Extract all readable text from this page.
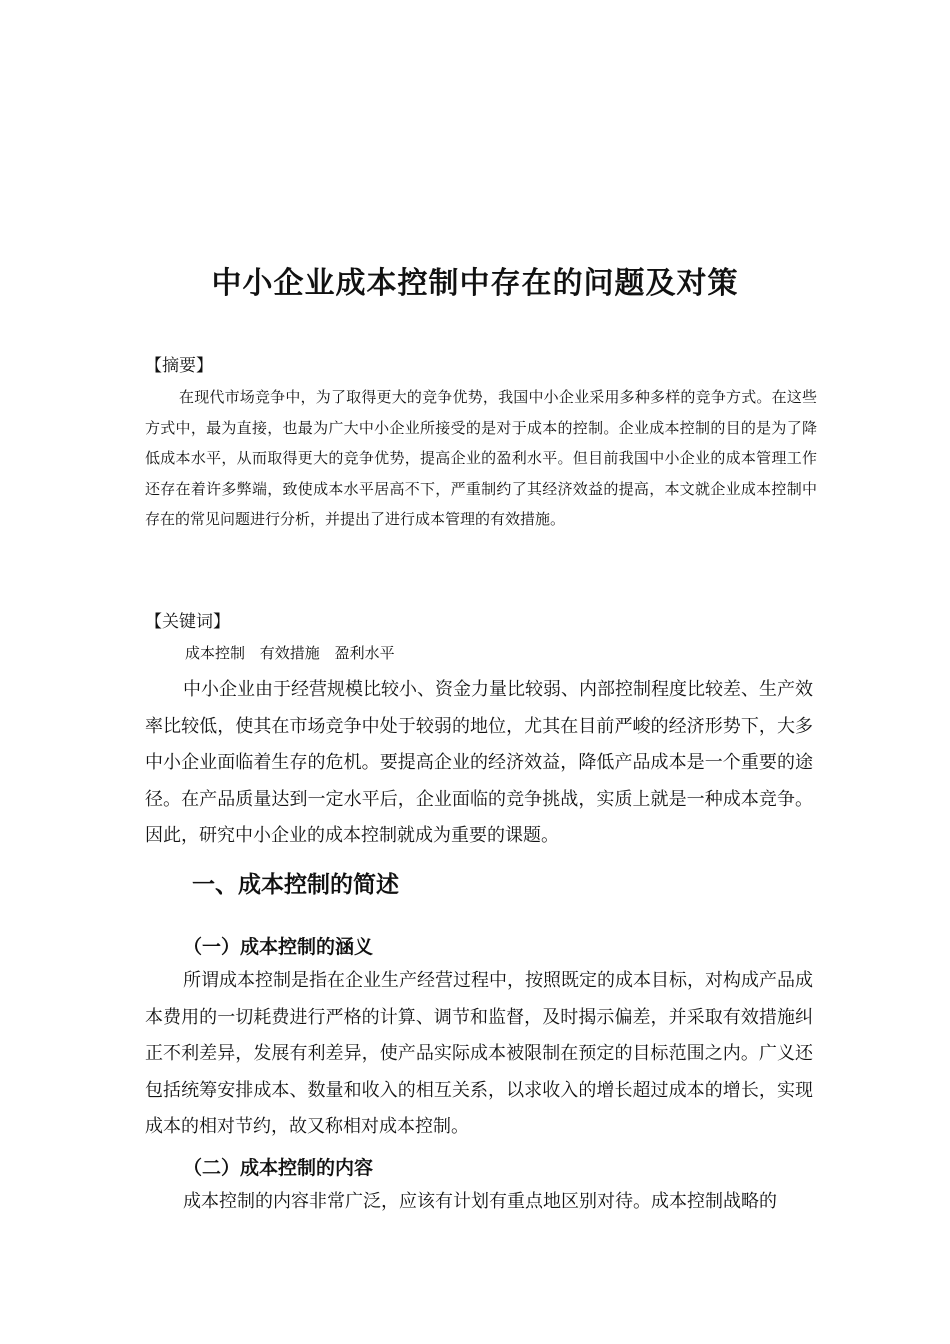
中小企业成本控制中存在的问题及对策

【摘要】

在现代市场竞争中，为了取得更大的竞争优势，我国中小企业采用多种多样的竞争方式。在这些方式中，最为直接，也最为广大中小企业所接受的是对于成本的控制。企业成本控制的目的是为了降低成本水平，从而取得更大的竞争优势，提高企业的盈利水平。但目前我国中小企业的成本管理工作还存在着许多弊端，致使成本水平居高不下，严重制约了其经济效益的提高，本文就企业成本控制中存在的常见问题进行分析，并提出了进行成本管理的有效措施。

【关键词】

成本控制 有效措施 盈利水平

中小企业由于经营规模比较小、资金力量比较弱、内部控制程度比较差、生产效率比较低，使其在市场竞争中处于较弱的地位，尤其在目前严峻的经济形势下，大多中小企业面临着生存的危机。要提高企业的经济效益，降低产品成本是一个重要的途径。在产品质量达到一定水平后，企业面临的竞争挑战，实质上就是一种成本竞争。因此，研究中小企业的成本控制就成为重要的课题。

一、成本控制的简述
（一）成本控制的涵义

所谓成本控制是指在企业生产经营过程中，按照既定的成本目标，对构成产品成本费用的一切耗费进行严格的计算、调节和监督，及时揭示偏差，并采取有效措施纠正不利差异，发展有利差异，使产品实际成本被限制在预定的目标范围之内。广义还包括统筹安排成本、数量和收入的相互关系，以求收入的增长超过成本的增长，实现成本的相对节约，故又称相对成本控制。

（二）成本控制的内容

成本控制的内容非常广泛，应该有计划有重点地区别对待。成本控制战略的
